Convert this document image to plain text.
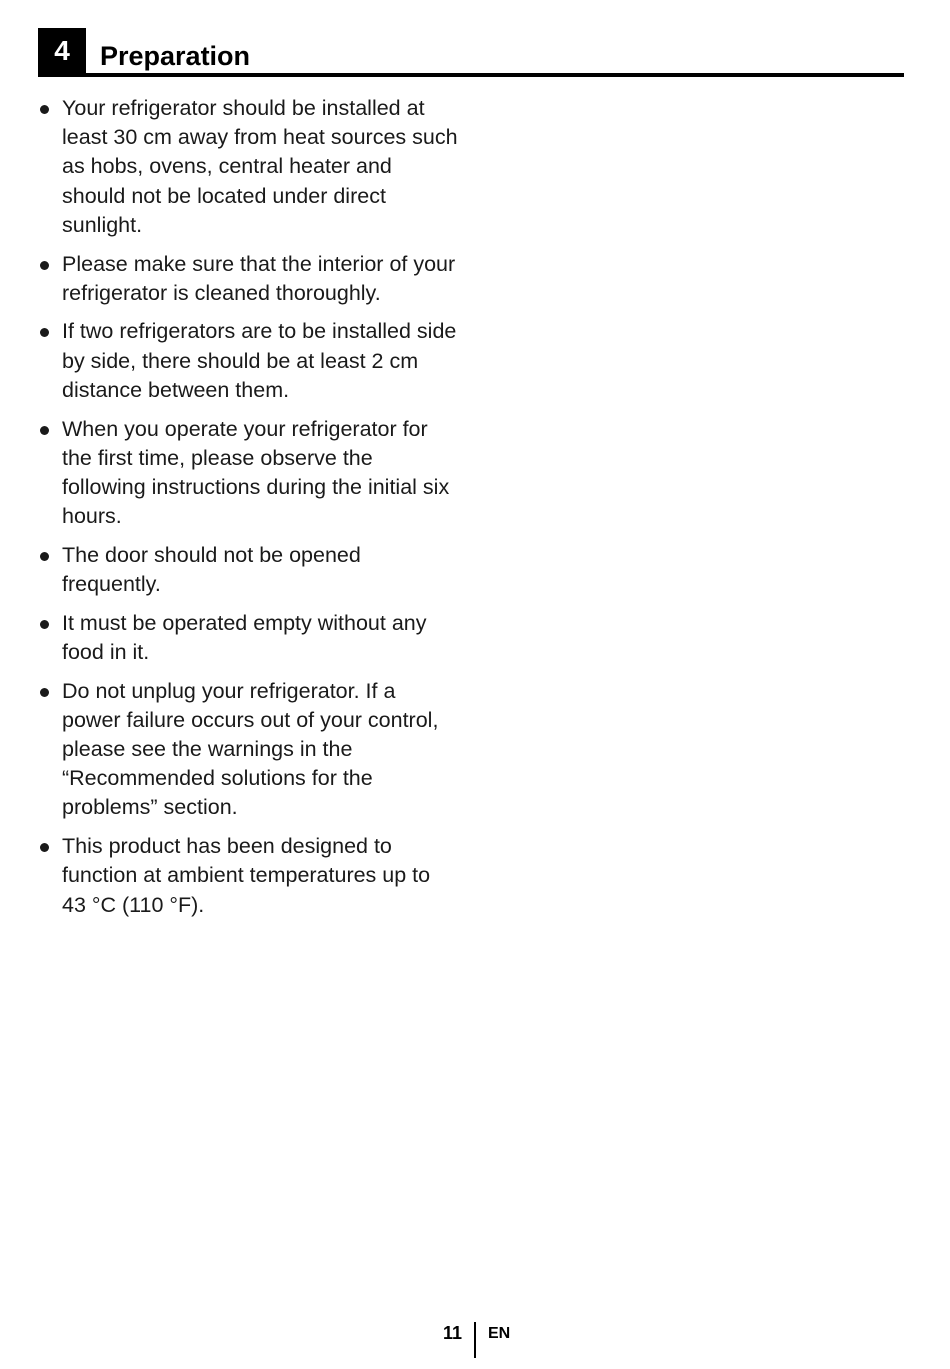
4	Preparation
Your refrigerator should be installed at least 30 cm away from heat sources such as hobs, ovens, central heater and should not be located under direct sunlight.
Please make sure that the interior of your refrigerator is cleaned thoroughly.
If two refrigerators are to be installed side by side, there should be at least 2 cm distance between them.
When you operate your refrigerator for the first time, please observe the following instructions during the initial six hours.
The door should not be opened frequently.
It must be operated empty without any food in it.
Do not unplug your refrigerator. If a power failure occurs out of your control, please see the warnings in the “Recommended solutions for the problems” section.
This product has been designed to function at ambient temperatures up to 43 °C (110 °F).
11 EN
